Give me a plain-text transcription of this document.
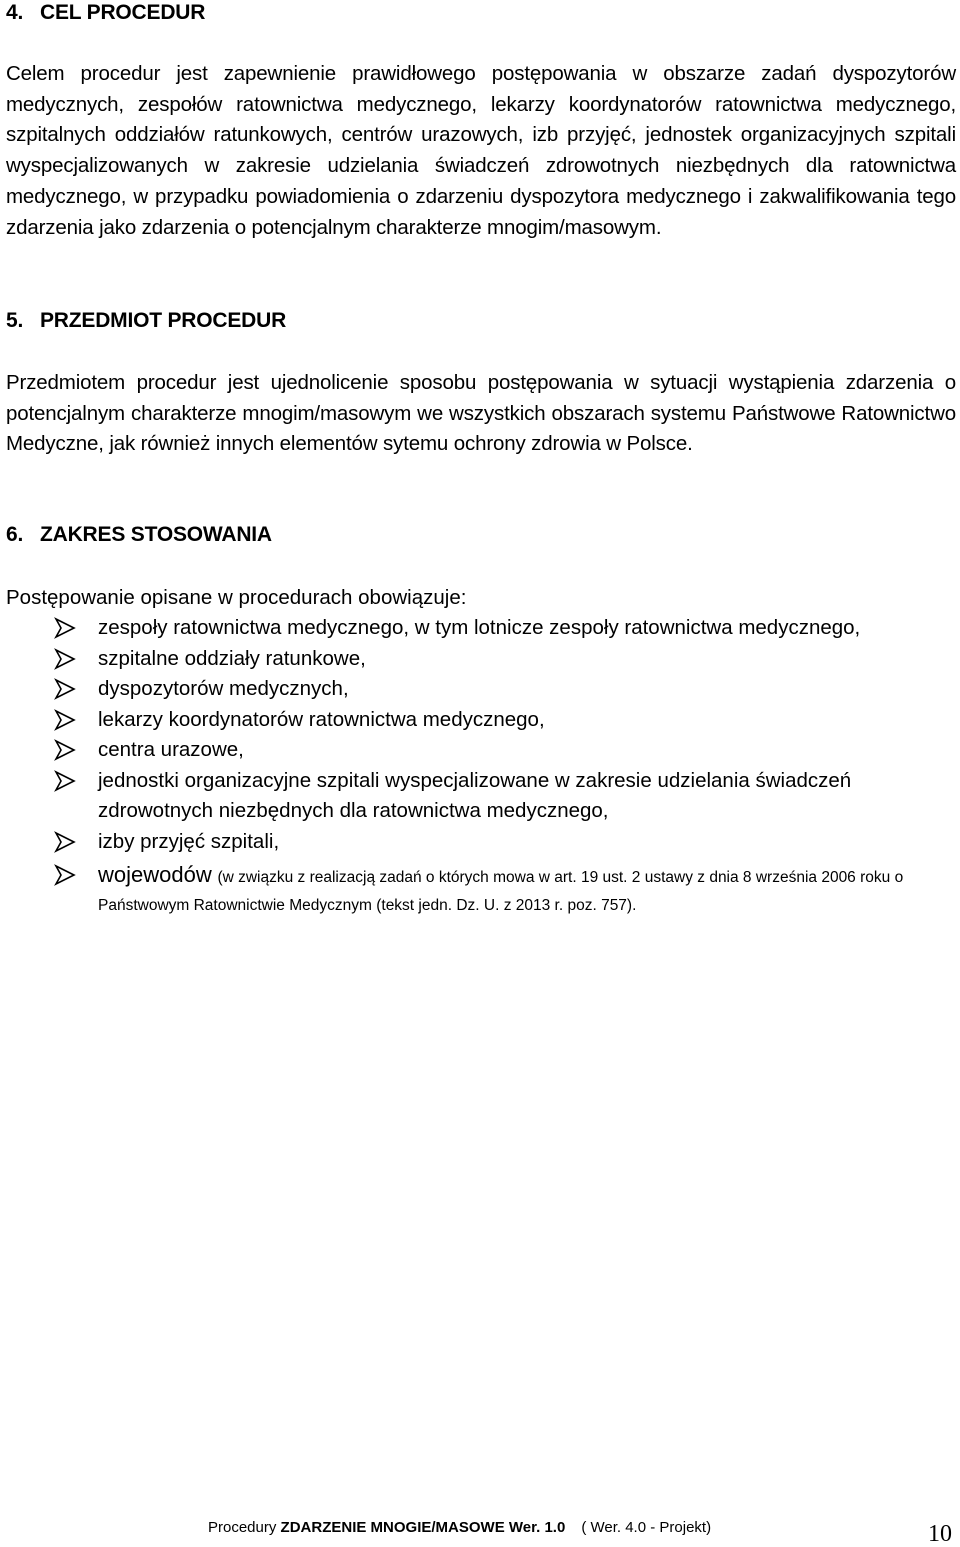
4. CEL PROCEDUR

Celem procedur jest zapewnienie prawidłowego postępowania w obszarze zadań dyspozytorów medycznych, zespołów ratownictwa medycznego, lekarzy koordynatorów ratownictwa medycznego, szpitalnych oddziałów ratunkowych, centrów urazowych, izb przyjęć, jednostek organizacyjnych szpitali wyspecjalizowanych w zakresie udzielania świadczeń zdrowotnych niezbędnych dla ratownictwa medycznego, w przypadku powiadomienia o zdarzeniu dyspozytora medycznego i zakwalifikowania tego zdarzenia jako zdarzenia o potencjalnym charakterze mnogim/masowym.

5. PRZEDMIOT PROCEDUR

Przedmiotem procedur jest ujednolicenie sposobu postępowania w sytuacji wystąpienia zdarzenia o potencjalnym charakterze mnogim/masowym we wszystkich obszarach systemu Państwowe Ratownictwo Medyczne, jak również innych elementów sytemu ochrony zdrowia w Polsce.

6. ZAKRES STOSOWANIA

Postępowanie opisane w procedurach obowiązuje:

zespoły ratownictwa medycznego, w tym lotnicze zespoły ratownictwa medycznego,
szpitalne oddziały ratunkowe,
dyspozytorów medycznych,
lekarzy koordynatorów ratownictwa medycznego,
centra urazowe,
jednostki organizacyjne szpitali wyspecjalizowane w zakresie udzielania świadczeń zdrowotnych niezbędnych dla ratownictwa medycznego,
izby przyjęć szpitali,
wojewodów (w związku z realizacją zadań o których mowa w art. 19 ust. 2 ustawy z dnia 8 września 2006 roku o Państwowym Ratownictwie Medycznym (tekst jedn. Dz. U. z 2013 r. poz. 757).
Procedury ZDARZENIE MNOGIE/MASOWE Wer. 1.0 ( Wer. 4.0 - Projekt)	10
